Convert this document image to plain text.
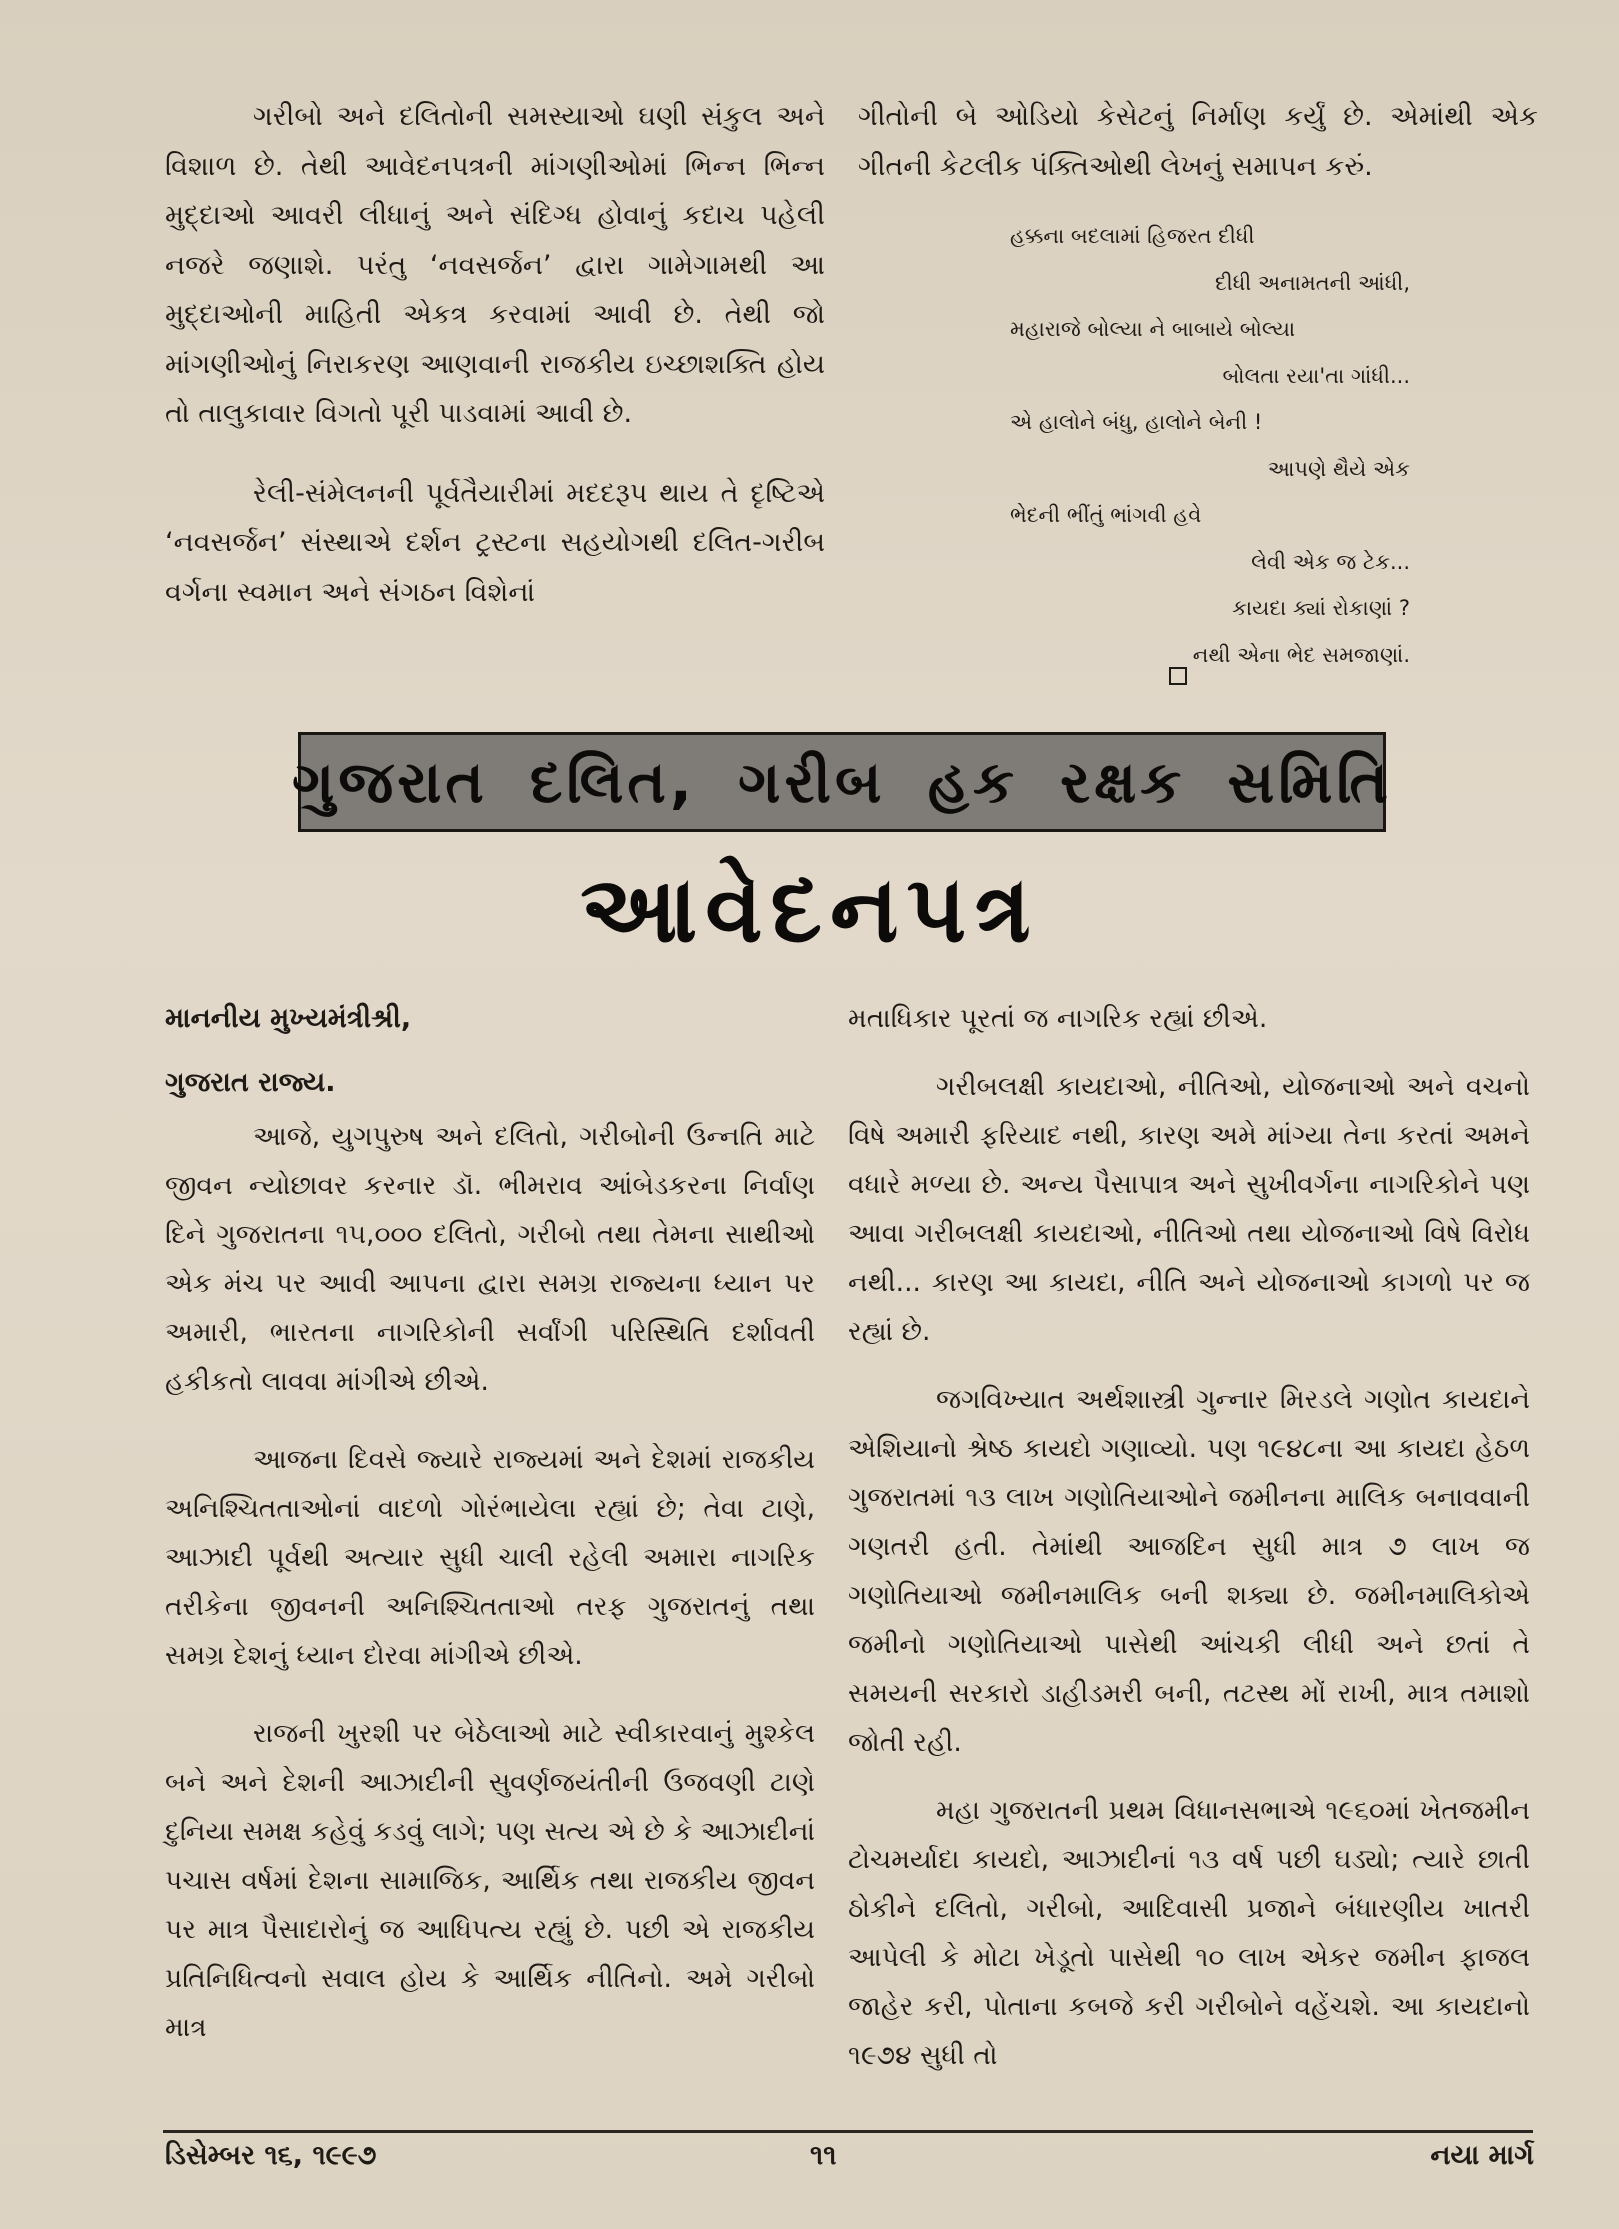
ગરીબો અને દલિતોની સમસ્યાઓ ઘણી સંકુલ અને વિશાળ છે. તેથી આવેદનપત્રની માંગણીઓમાં ભિન્ન ભિન્ન મુદ્દાઓ આવરી લીધાનું અને સંદિગ્ધ હોવાનું કદાચ પહેલી નજરે જણાશે. પરંતુ ‘નવસર્જન’ દ્વારા ગામેગામથી આ મુદ્દાઓની માહિતી એકત્ર કરવામાં આવી છે. તેથી જો માંગણીઓનું નિરાકરણ આણવાની રાજકીય ઇચ્છાશક્તિ હોય તો તાલુકાવાર વિગતો પૂરી પાડવામાં આવી છે.

રેલી-સંમેલનની પૂર્વતૈયારીમાં મદદરૂપ થાય તે દૃષ્ટિએ ‘નવસર્જન’ સંસ્થાએ દર્શન ટ્રસ્ટના સહયોગથી દલિત-ગરીબ વર્ગના સ્વમાન અને સંગઠન વિશેનાં

ગીતોની બે ઓડિયો કેસેટનું નિર્માણ કર્યું છે. એમાંથી એક ગીતની કેટલીક પંક્તિઓથી લેખનું સમાપન કરું.

હક્કના બદલામાં હિજરત દીધી
દીધી અનામતની આંધી,
મહારાજે બોલ્યા ને બાબાયે બોલ્યા
બોલતા રયા'તા ગાંધી...
એ હાલોને બંધુ, હાલોને બેની !
આપણે થૈયે એક
ભેદની ભીંતું ભાંગવી હવે
લેવી એક જ ટેક...
કાયદા ક્યાં રોકાણાં ?
નથી એના ભેદ સમજાણાં.
ગુજરાત દલિત, ગરીબ હક રક્ષક સમિતિ
આવેદનપત્ર

માનનીય મુખ્યમંત્રીશ્રી,

ગુજરાત રાજ્ય.

આજે, યુગપુરુષ અને દલિતો, ગરીબોની ઉન્નતિ માટે જીવન ન્યોછાવર કરનાર ડૉ. ભીમરાવ આંબેડકરના નિર્વાણ દિને ગુજરાતના ૧૫,૦૦૦ દલિતો, ગરીબો તથા તેમના સાથીઓ એક મંચ પર આવી આપના દ્વારા સમગ્ર રાજ્યના ધ્યાન પર અમારી, ભારતના નાગરિકોની સર્વાંગી પરિસ્થિતિ દર્શાવતી હકીકતો લાવવા માંગીએ છીએ.

આજના દિવસે જ્યારે રાજ્યમાં અને દેશમાં રાજકીય અનિશ્ચિતતાઓનાં વાદળો ગોરંભાયેલા રહ્યાં છે; તેવા ટાણે, આઝાદી પૂર્વથી અત્યાર સુધી ચાલી રહેલી અમારા નાગરિક તરીકેના જીવનની અનિશ્ચિતતાઓ તરફ ગુજરાતનું તથા સમગ્ર દેશનું ધ્યાન દોરવા માંગીએ છીએ.

રાજની ખુરશી પર બેઠેલાઓ માટે સ્વીકારવાનું મુશ્કેલ બને અને દેશની આઝાદીની સુવર્ણજયંતીની ઉજવણી ટાણે દુનિયા સમક્ષ કહેવું કડવું લાગે; પણ સત્ય એ છે કે આઝાદીનાં પચાસ વર્ષમાં દેશના સામાજિક, આર્થિક તથા રાજકીય જીવન પર માત્ર પૈસાદારોનું જ આધિપત્ય રહ્યું છે. પછી એ રાજકીય પ્રતિનિધિત્વનો સવાલ હોય કે આર્થિક નીતિનો. અમે ગરીબો માત્ર

મતાધિકાર પૂરતાં જ નાગરિક રહ્યાં છીએ.

ગરીબલક્ષી કાયદાઓ, નીતિઓ, યોજનાઓ અને વચનો વિષે અમારી ફરિયાદ નથી, કારણ અમે માંગ્યા તેના કરતાં અમને વધારે મળ્યા છે. અન્ય પૈસાપાત્ર અને સુખીવર્ગના નાગરિકોને પણ આવા ગરીબલક્ષી કાયદાઓ, નીતિઓ તથા યોજનાઓ વિષે વિરોધ નથી... કારણ આ કાયદા, નીતિ અને યોજનાઓ કાગળો પર જ રહ્યાં છે.

જગવિખ્યાત અર્થશાસ્ત્રી ગુન્નાર મિરડલે ગણોત કાયદાને એશિયાનો શ્રેષ્ઠ કાયદો ગણાવ્યો. પણ ૧૯૪૮ના આ કાયદા હેઠળ ગુજરાતમાં ૧૩ લાખ ગણોતિયાઓને જમીનના માલિક બનાવવાની ગણતરી હતી. તેમાંથી આજદિન સુધી માત્ર ૭ લાખ જ ગણોતિયાઓ જમીનમાલિક બની શક્યા છે. જમીનમાલિકોએ જમીનો ગણોતિયાઓ પાસેથી આંચકી લીધી અને છતાં તે સમયની સરકારો ડાહીડમરી બની, તટસ્થ મોં રાખી, માત્ર તમાશો જોતી રહી.

મહા ગુજરાતની પ્રથમ વિધાનસભાએ ૧૯૬૦માં ખેતજમીન ટોચમર્યાદા કાયદો, આઝાદીનાં ૧૩ વર્ષ પછી ઘડ્યો; ત્યારે છાતી ઠોકીને દલિતો, ગરીબો, આદિવાસી પ્રજાને બંધારણીય ખાતરી આપેલી કે મોટા ખેડૂતો પાસેથી ૧૦ લાખ એકર જમીન ફાજલ જાહેર કરી, પોતાના કબજે કરી ગરીબોને વહેંચશે. આ કાયદાનો ૧૯૭૪ સુધી તો

ડિસેમ્બર ૧૬, ૧૯૯૭	૧૧	નયા માર્ગ
